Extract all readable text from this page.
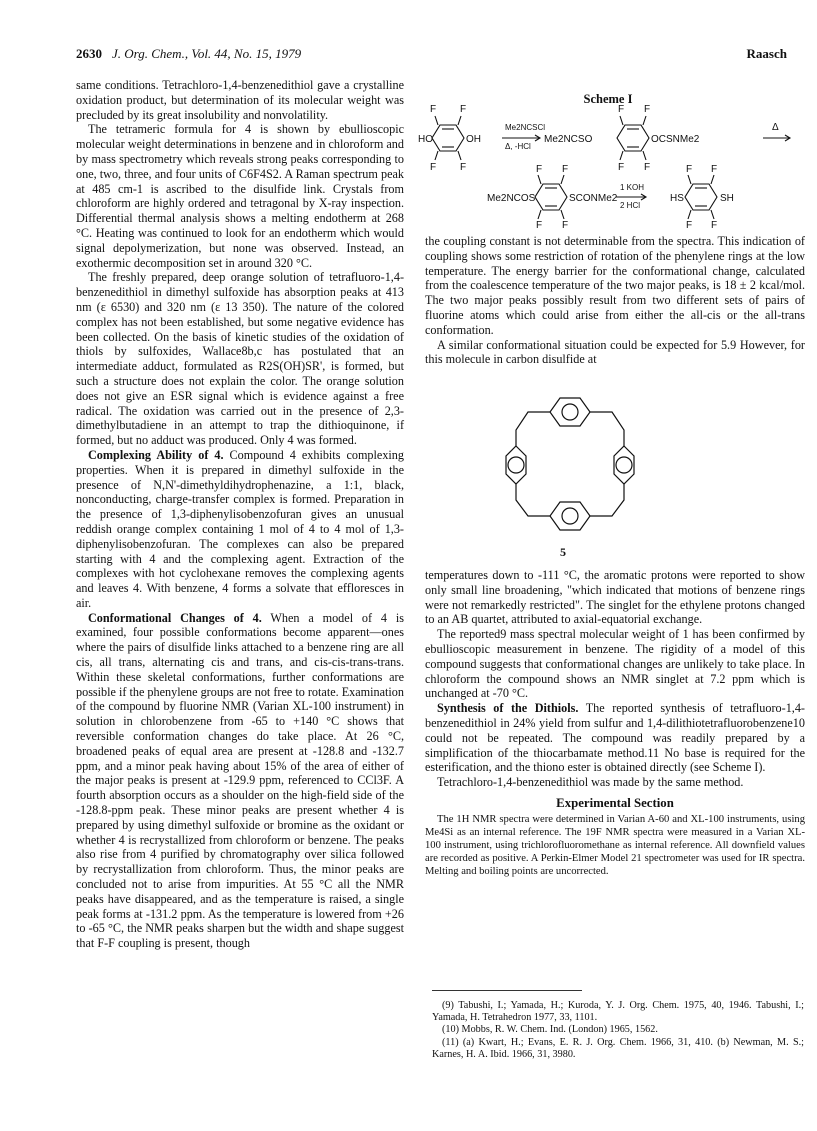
2630 J. Org. Chem., Vol. 44, No. 15, 1979	Raasch

same conditions. Tetrachloro-1,4-benzenedithiol gave a crystalline oxidation product, but determination of its molecular weight was precluded by its great insolubility and nonvolatility.

The tetrameric formula for 4 is shown by ebullioscopic molecular weight determinations in benzene and in chloroform and by mass spectrometry which reveals strong peaks corresponding to one, two, three, and four units of C6F4S2. A Raman spectrum peak at 485 cm-1 is ascribed to the disulfide link. Crystals from chloroform are highly ordered and tetragonal by X-ray inspection. Differential thermal analysis shows a melting endotherm at 268 °C. Heating was continued to look for an endotherm which would signal depolymerization, but none was observed. Instead, an exothermic decomposition set in around 320 °C.

The freshly prepared, deep orange solution of tetrafluoro-1,4-benzenedithiol in dimethyl sulfoxide has absorption peaks at 413 nm (ε 6530) and 320 nm (ε 13 350). The nature of the colored complex has not been established, but some negative evidence has been collected. On the basis of kinetic studies of the oxidation of thiols by sulfoxides, Wallace8b,c has postulated that an intermediate adduct, formulated as R2S(OH)SR', is formed, but such a structure does not explain the color. The orange solution does not give an ESR signal which is evidence against a free radical. The oxidation was carried out in the presence of 2,3-dimethylbutadiene in an attempt to trap the dithioquinone, if formed, but no adduct was produced. Only 4 was formed.

Complexing Ability of 4. Compound 4 exhibits complexing properties. When it is prepared in dimethyl sulfoxide in the presence of N,N'-dimethyldihydrophenazine, a 1:1, black, nonconducting, charge-transfer complex is formed. Preparation in the presence of 1,3-diphenylisobenzofuran gives an unusual reddish orange complex containing 1 mol of 4 to 4 mol of 1,3-diphenylisobenzofuran. The complexes can also be prepared starting with 4 and the complexing agent. Extraction of the complexes with hot cyclohexane removes the complexing agents and leaves 4. With benzene, 4 forms a solvate that effloresces in air.

Conformational Changes of 4. When a model of 4 is examined, four possible conformations become apparent—ones where the pairs of disulfide links attached to a benzene ring are all cis, all trans, alternating cis and trans, and cis-cis-trans-trans. Within these skeletal conformations, further conformations are possible if the phenylene groups are not free to rotate. Examination of the compound by fluorine NMR (Varian XL-100 instrument) in solution in chlorobenzene from -65 to +140 °C shows that reversible conformation changes do take place. At 26 °C, broadened peaks of equal area are present at -128.8 and -132.7 ppm, and a minor peak having about 15% of the area of either of the major peaks is present at -129.9 ppm, referenced to CCl3F. A fourth absorption occurs as a shoulder on the high-field side of the -128.8-ppm peak. These minor peaks are present whether 4 is prepared by using dimethyl sulfoxide or bromine as the oxidant or whether 4 is recrystallized from chloroform or benzene. The peaks also rise from 4 purified by chromatography over silica followed by recrystallization from chloroform. Thus, the minor peaks are concluded not to arise from impurities. At 55 °C all the NMR peaks have disappeared, and as the temperature is raised, a single peak forms at -131.2 ppm. As the temperature is lowered from +26 to -65 °C, the NMR peaks sharpen but the width and shape suggest that F-F coupling is present, though

Scheme I
F F
F F
HO	OH
Me2NCSCl
Δ, -HCl
Me2NCSO	OCSNMe2
F F
F F
Δ
F F
F F
Me2NCOS	SCONMe2
1 KOH
2 HCl
HS	SH
F F
F F

the coupling constant is not determinable from the spectra. This indication of coupling shows some restriction of rotation of the phenylene rings at the low temperature. The energy barrier for the conformational change, calculated from the coalescence temperature of the two major peaks, is 18 ± 2 kcal/mol. The two major peaks possibly result from two different sets of pairs of fluorine atoms which could arise from either the all-cis or the all-trans conformation.

A similar conformational situation could be expected for 5.9 However, for this molecule in carbon disulfide at

5

temperatures down to -111 °C, the aromatic protons were reported to show only small line broadening, "which indicated that motions of benzene rings were not remarkedly restricted". The singlet for the ethylene protons changed to an AB quartet, attributed to axial-equatorial exchange.

The reported9 mass spectral molecular weight of 1 has been confirmed by ebullioscopic measurement in benzene. The rigidity of a model of this compound suggests that conformational changes are unlikely to take place. In chloroform the compound shows an NMR singlet at 7.2 ppm which is unchanged at -70 °C.

Synthesis of the Dithiols. The reported synthesis of tetrafluoro-1,4-benzenedithiol in 24% yield from sulfur and 1,4-dilithiotetrafluorobenzene10 could not be repeated. The compound was readily prepared by a simplification of the thiocarbamate method.11 No base is required for the esterification, and the thiono ester is obtained directly (see Scheme I).

Tetrachloro-1,4-benzenedithiol was made by the same method.

Experimental Section

The 1H NMR spectra were determined in Varian A-60 and XL-100 instruments, using Me4Si as an internal reference. The 19F NMR spectra were measured in a Varian XL-100 instrument, using trichlorofluoromethane as internal reference. All downfield values are recorded as positive. A Perkin-Elmer Model 21 spectrometer was used for IR spectra. Melting and boiling points are uncorrected.

(9) Tabushi, I.; Yamada, H.; Kuroda, Y. J. Org. Chem. 1975, 40, 1946. Tabushi, I.; Yamada, H. Tetrahedron 1977, 33, 1101.

(10) Mobbs, R. W. Chem. Ind. (London) 1965, 1562.

(11) (a) Kwart, H.; Evans, E. R. J. Org. Chem. 1966, 31, 410. (b) Newman, M. S.; Karnes, H. A. Ibid. 1966, 31, 3980.
